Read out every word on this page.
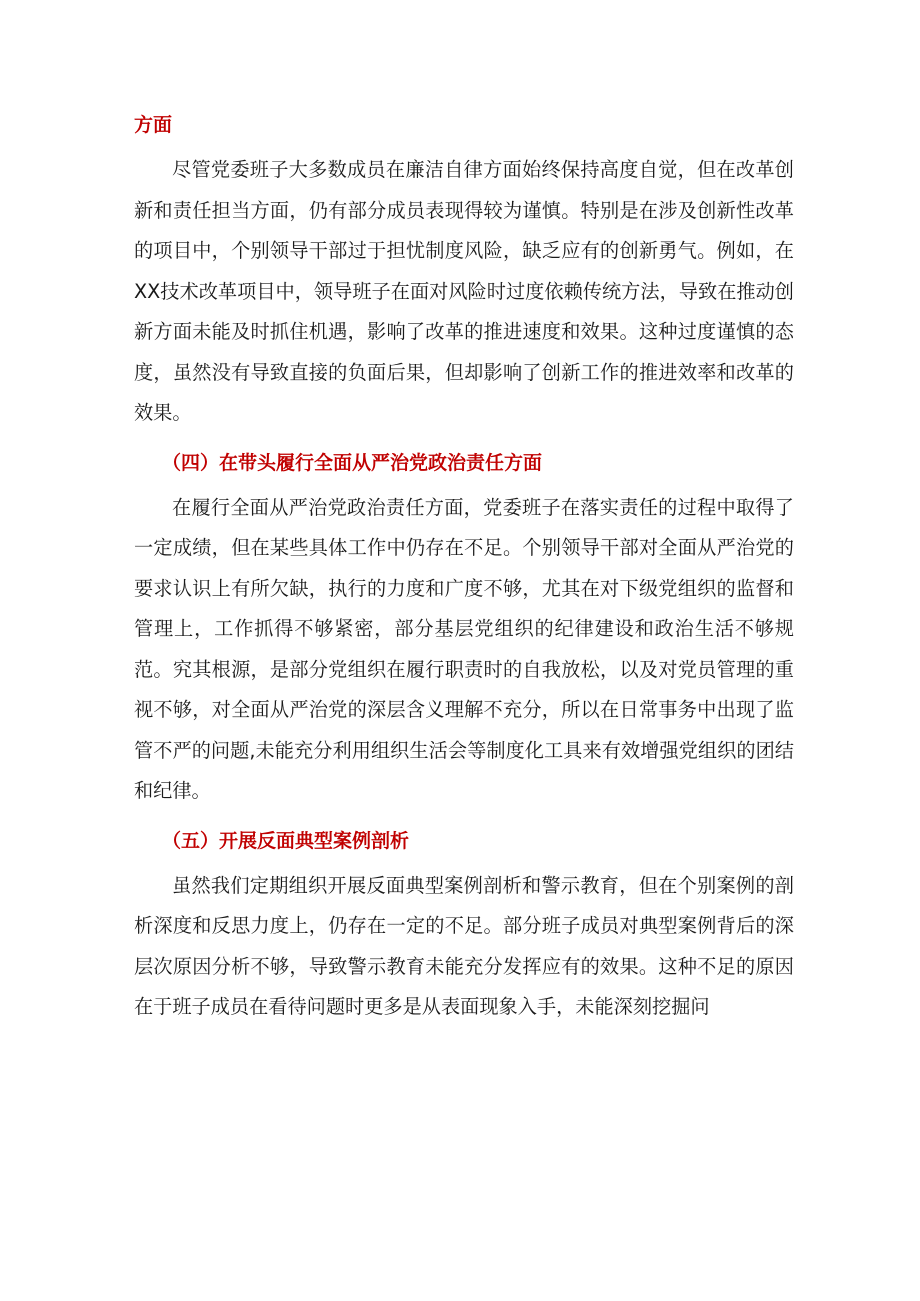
方面

尽管党委班子大多数成员在廉洁自律方面始终保持高度自觉，但在改革创新和责任担当方面，仍有部分成员表现得较为谨慎。特别是在涉及创新性改革的项目中，个别领导干部过于担忧制度风险，缺乏应有的创新勇气。例如，在XX技术改革项目中，领导班子在面对风险时过度依赖传统方法，导致在推动创新方面未能及时抓住机遇，影响了改革的推进速度和效果。这种过度谨慎的态度，虽然没有导致直接的负面后果，但却影响了创新工作的推进效率和改革的效果。

（四）在带头履行全面从严治党政治责任方面

在履行全面从严治党政治责任方面，党委班子在落实责任的过程中取得了一定成绩，但在某些具体工作中仍存在不足。个别领导干部对全面从严治党的要求认识上有所欠缺，执行的力度和广度不够，尤其在对下级党组织的监督和管理上，工作抓得不够紧密，部分基层党组织的纪律建设和政治生活不够规范。究其根源，是部分党组织在履行职责时的自我放松，以及对党员管理的重视不够，对全面从严治党的深层含义理解不充分，所以在日常事务中出现了监管不严的问题,未能充分利用组织生活会等制度化工具来有效增强党组织的团结和纪律。

（五）开展反面典型案例剖析

虽然我们定期组织开展反面典型案例剖析和警示教育，但在个别案例的剖析深度和反思力度上，仍存在一定的不足。部分班子成员对典型案例背后的深层次原因分析不够，导致警示教育未能充分发挥应有的效果。这种不足的原因在于班子成员在看待问题时更多是从表面现象入手，未能深刻挖掘问
